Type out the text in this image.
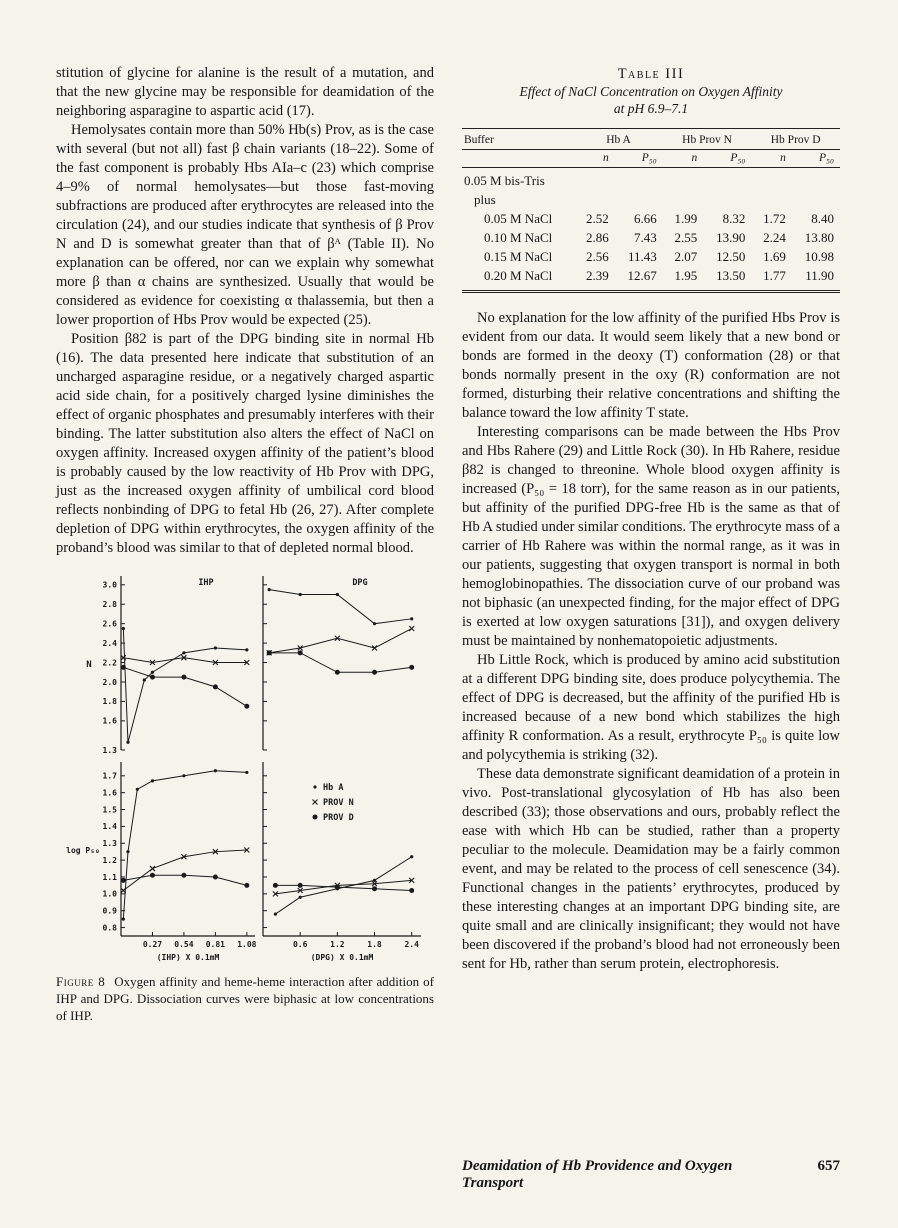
stitution of glycine for alanine is the result of a mutation, and that the new glycine may be responsible for deamidation of the neighboring asparagine to aspartic acid (17).

Hemolysates contain more than 50% Hb(s) Prov, as is the case with several (but not all) fast β chain variants (18–22). Some of the fast component is probably Hbs AIa–c (23) which comprise 4–9% of normal hemolysates—but those fast-moving subfractions are produced after erythrocytes are released into the circulation (24), and our studies indicate that synthesis of β Prov N and D is somewhat greater than that of βᴬ (Table II). No explanation can be offered, nor can we explain why somewhat more β than α chains are synthesized. Usually that would be considered as evidence for coexisting α thalassemia, but then a lower proportion of Hbs Prov would be expected (25).

Position β82 is part of the DPG binding site in normal Hb (16). The data presented here indicate that substitution of an uncharged asparagine residue, or a negatively charged aspartic acid side chain, for a positively charged lysine diminishes the effect of organic phosphates and presumably interferes with their binding. The latter substitution also alters the effect of NaCl on oxygen affinity. Increased oxygen affinity of the patient’s blood is probably caused by the low reactivity of Hb Prov with DPG, just as the increased oxygen affinity of umbilical cord blood reflects nonbinding of DPG to fetal Hb (26, 27). After complete depletion of DPG within erythrocytes, the oxygen affinity of the proband’s blood was similar to that of depleted normal blood.

3.0
2.8
2.6
2.4
2.2
2.0
1.8
1.6
1.3
1.7
1.6
1.5
1.4
1.3
1.2
1.1
1.0
0.9
0.8
0.27 0.54 0.81 1.08
(IHP) X 0.1mM
0.6	1.2	1.8	2.4
(DPG) X 0.1mM
N
log P₅₀
IHP	DPG
Hb A
PROV N
PROV D
Figure 8 Oxygen affinity and heme-heme interaction after addition of IHP and DPG. Dissociation curves were biphasic at low concentrations of IHP.
Table III
Effect of NaCl Concentration on Oxygen Affinity
at pH 6.9–7.1
Buffer	Hb A		Hb Prov N		Hb Prov D	
	n	P₅₀	n	P₅₀	n	P₅₀
0.05 M bis-Tris						
plus						
0.05 M NaCl	2.52	6.66	1.99	8.32	1.72	8.40
0.10 M NaCl	2.86	7.43	2.55	13.90	2.24	13.80
0.15 M NaCl	2.56	11.43	2.07	12.50	1.69	10.98
0.20 M NaCl	2.39	12.67	1.95	13.50	1.77	11.90

No explanation for the low affinity of the purified Hbs Prov is evident from our data. It would seem likely that a new bond or bonds are formed in the deoxy (T) conformation (28) or that bonds normally present in the oxy (R) conformation are not formed, disturbing their relative concentrations and shifting the balance toward the low affinity T state.

Interesting comparisons can be made between the Hbs Prov and Hbs Rahere (29) and Little Rock (30). In Hb Rahere, residue β82 is changed to threonine. Whole blood oxygen affinity is increased (P₅₀ = 18 torr), for the same reason as in our patients, but affinity of the purified DPG-free Hb is the same as that of Hb A studied under similar conditions. The erythrocyte mass of a carrier of Hb Rahere was within the normal range, as it was in our patients, suggesting that oxygen transport is normal in both hemoglobinopathies. The dissociation curve of our proband was not biphasic (an unexpected finding, for the major effect of DPG is exerted at low oxygen saturations [31]), and oxygen delivery must be maintained by nonhematopoietic adjustments.

Hb Little Rock, which is produced by amino acid substitution at a different DPG binding site, does produce polycythemia. The effect of DPG is decreased, but the affinity of the purified Hb is increased because of a new bond which stabilizes the high affinity R conformation. As a result, erythrocyte P₅₀ is quite low and polycythemia is striking (32).

These data demonstrate significant deamidation of a protein in vivo. Post-translational glycosylation of Hb has also been described (33); those observations and ours, probably reflect the ease with which Hb can be studied, rather than a property peculiar to the molecule. Deamidation may be a fairly common event, and may be related to the process of cell senescence (34). Functional changes in the patients’ erythrocytes, produced by these interesting changes at an important DPG binding site, are quite small and are clinically insignificant; they would not have been discovered if the proband’s blood had not erroneously been sent for Hb, rather than serum protein, electrophoresis.

Deamidation of Hb Providence and Oxygen Transport
657
